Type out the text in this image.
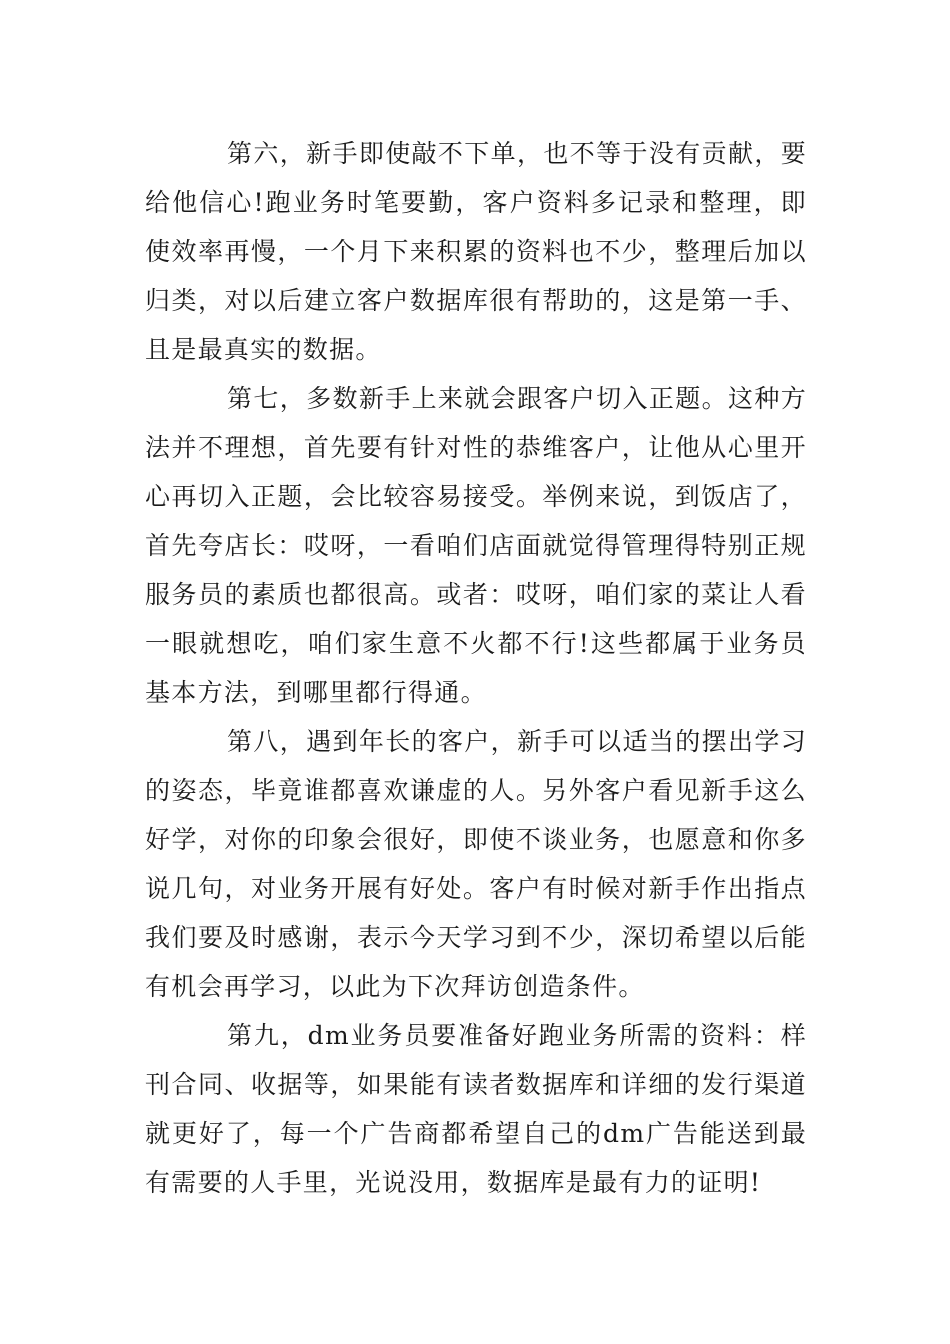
第六，新手即使敲不下单，也不等于没有贡献，要给他信心!跑业务时笔要勤，客户资料多记录和整理，即使效率再慢，一个月下来积累的资料也不少，整理后加以归类，对以后建立客户数据库很有帮助的，这是第一手、且是最真实的数据。

第七，多数新手上来就会跟客户切入正题。这种方法并不理想，首先要有针对性的恭维客户，让他从心里开心再切入正题，会比较容易接受。举例来说，到饭店了，首先夸店长：哎呀，一看咱们店面就觉得管理得特别正规服务员的素质也都很高。或者：哎呀，咱们家的菜让人看一眼就想吃，咱们家生意不火都不行!这些都属于业务员基本方法，到哪里都行得通。

第八，遇到年长的客户，新手可以适当的摆出学习的姿态，毕竟谁都喜欢谦虚的人。另外客户看见新手这么好学，对你的印象会很好，即使不谈业务，也愿意和你多说几句，对业务开展有好处。客户有时候对新手作出指点我们要及时感谢，表示今天学习到不少，深切希望以后能有机会再学习，以此为下次拜访创造条件。

第九，dm业务员要准备好跑业务所需的资料：样刊合同、收据等，如果能有读者数据库和详细的发行渠道就更好了，每一个广告商都希望自己的dm广告能送到最有需要的人手里，光说没用，数据库是最有力的证明!
